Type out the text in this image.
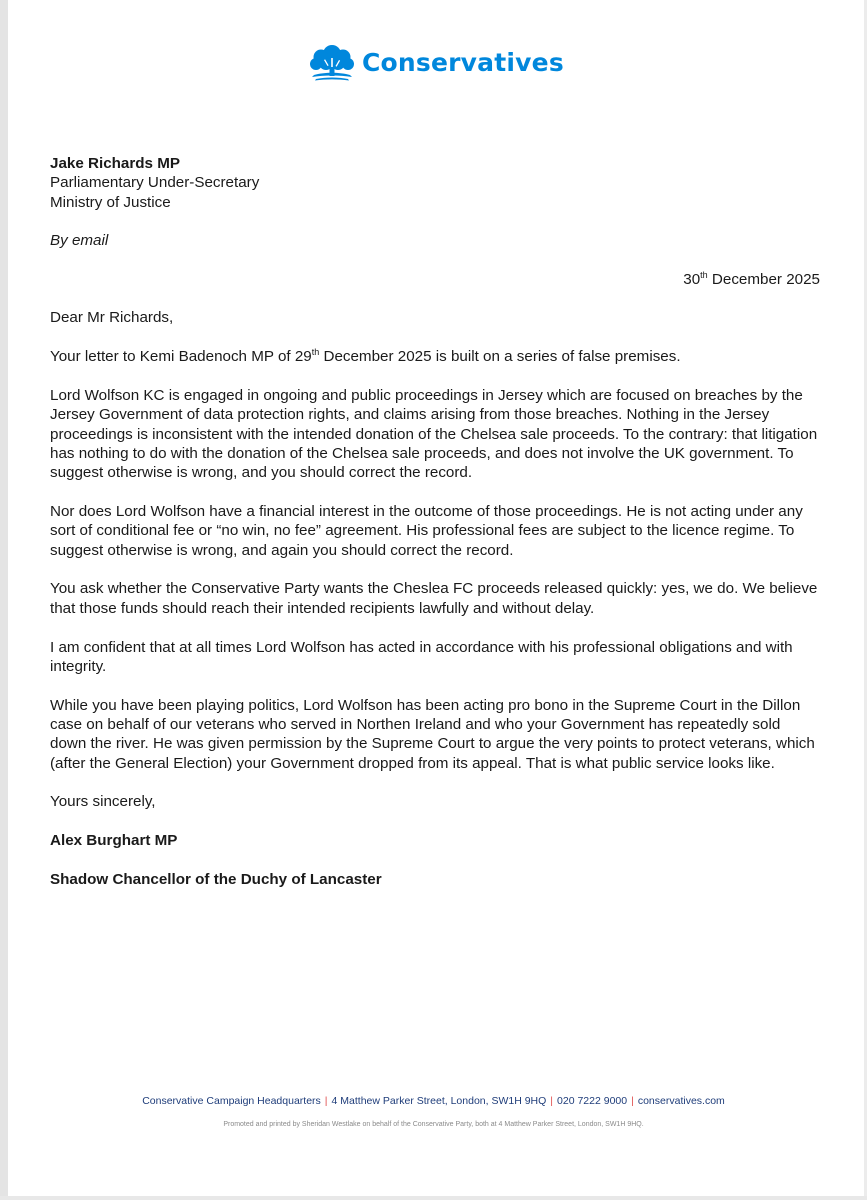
Conservatives

Jake Richards MP

Parliamentary Under-Secretary

Ministry of Justice

By email

30th December 2025

Dear Mr Richards,

Your letter to Kemi Badenoch MP of 29th December 2025 is built on a series of false premises.

Lord Wolfson KC is engaged in ongoing and public proceedings in Jersey which are focused on breaches by the Jersey Government of data protection rights, and claims arising from those breaches. Nothing in the Jersey proceedings is inconsistent with the intended donation of the Chelsea sale proceeds. To the contrary: that litigation has nothing to do with the donation of the Chelsea sale proceeds, and does not involve the UK government. To suggest otherwise is wrong, and you should correct the record.

Nor does Lord Wolfson have a financial interest in the outcome of those proceedings. He is not acting under any sort of conditional fee or “no win, no fee” agreement. His professional fees are subject to the licence regime. To suggest otherwise is wrong, and again you should correct the record.

You ask whether the Conservative Party wants the Cheslea FC proceeds released quickly: yes, we do. We believe that those funds should reach their intended recipients lawfully and without delay.

I am confident that at all times Lord Wolfson has acted in accordance with his professional obligations and with integrity.

While you have been playing politics, Lord Wolfson has been acting pro bono in the Supreme Court in the Dillon case on behalf of our veterans who served in Northen Ireland and who your Government has repeatedly sold down the river. He was given permission by the Supreme Court to argue the very points to protect veterans, which (after the General Election) your Government dropped from its appeal. That is what public service looks like.

Yours sincerely,

Alex Burghart MP

Shadow Chancellor of the Duchy of Lancaster

Conservative Campaign Headquarters | 4 Matthew Parker Street, London, SW1H 9HQ | 020 7222 9000 | conservatives.com
Promoted and printed by Sheridan Westlake on behalf of the Conservative Party, both at 4 Matthew Parker Street, London, SW1H 9HQ.
